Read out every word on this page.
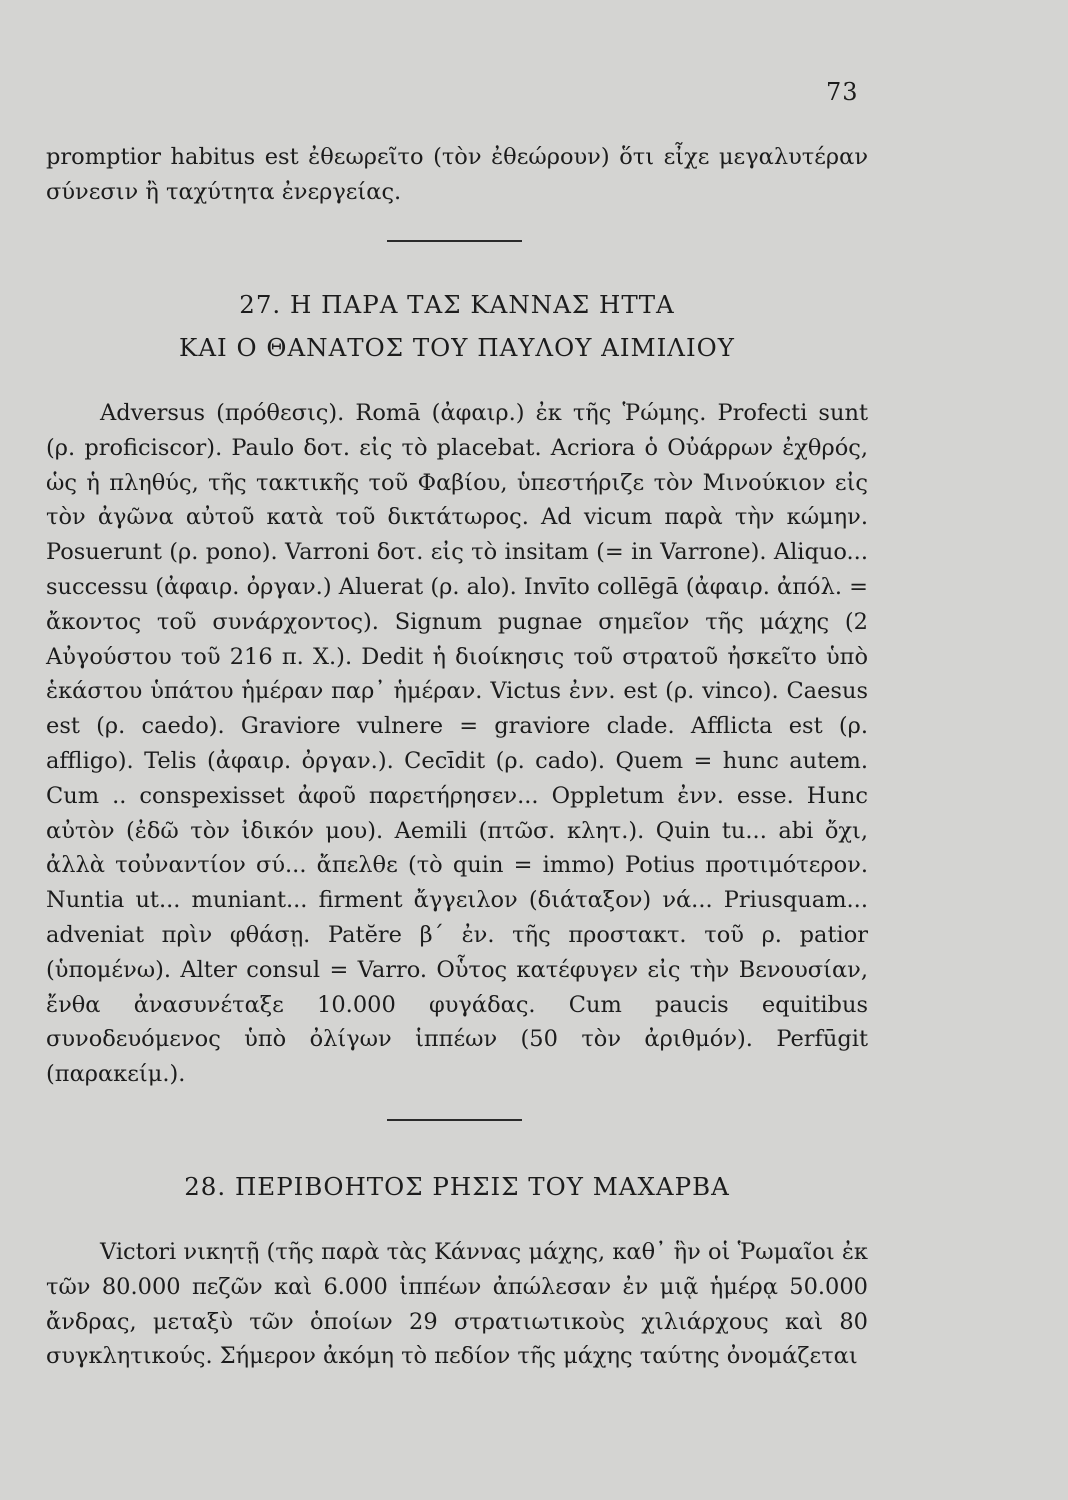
73

promptior habitus est ἐθεωρεῖτο (τὸν ἐθεώρουν) ὅτι εἶχε μεγαλυτέραν σύνεσιν ἢ ταχύτητα ἐνεργείας.

27. Η ΠΑΡΑ ΤΑΣ ΚΑΝΝΑΣ ΗΤΤΑ
ΚΑΙ Ο ΘΑΝΑΤΟΣ ΤΟΥ ΠΑΥΛΟΥ ΑΙΜΙΛΙΟΥ

Adversus (πρόθεσις). Romā (ἀφαιρ.) ἐκ τῆς Ῥώμης. Profecti sunt (ρ. proficiscor). Paulo δοτ. εἰς τὸ placebat. Acriora ὁ Οὐάρρων ἐχθρός, ὡς ἡ πληθύς, τῆς τακτικῆς τοῦ Φαβίου, ὑπεστήριζε τὸν Μινούκιον εἰς τὸν ἀγῶνα αὐτοῦ κατὰ τοῦ δικτάτωρος. Ad vicum παρὰ τὴν κώμην. Posuerunt (ρ. pono). Varroni δοτ. εἰς τὸ insitam (= in Varrone). Aliquo... successu (ἀφαιρ. ὀργαν.) Aluerat (ρ. alo). Invīto collēgā (ἀφαιρ. ἀπόλ. = ἄκοντος τοῦ συνάρχοντος). Signum pugnae σημεῖον τῆς μάχης (2 Αὐγούστου τοῦ 216 π. Χ.). Dedit ἡ διοίκησις τοῦ στρατοῦ ἠσκεῖτο ὑπὸ ἑκάστου ὑπάτου ἡμέραν παρ᾽ ἡμέραν. Victus ἐνν. est (ρ. vinco). Caesus est (ρ. caedo). Graviore vulnere = graviore clade. Afflicta est (ρ. affligo). Telis (ἀφαιρ. ὀργαν.). Cecīdit (ρ. cado). Quem = hunc autem. Cum .. conspexisset ἀφοῦ παρετήρησεν... Oppletum ἐνν. esse. Hunc αὐτὸν (ἐδῶ τὸν ἰδικόν μου). Aemili (πτῶσ. κλητ.). Quin tu... abi ὄχι, ἀλλὰ τοὐναντίον σύ... ἄπελθε (τὸ quin = immo) Potius προτιμότερον. Nuntia ut... muniant... firment ἄγγειλον (διάταξον) νά... Priusquam... adveniat πρὶν φθάσῃ. Patĕre β΄ ἐν. τῆς προστακτ. τοῦ ρ. patior (ὑπομένω). Alter consul = Varro. Οὗτος κατέφυγεν εἰς τὴν Βενουσίαν, ἔνθα ἀνασυνέταξε 10.000 φυγάδας. Cum paucis equitibus συνοδευόμενος ὑπὸ ὀλίγων ἱππέων (50 τὸν ἀριθμόν). Perfūgit (παρακείμ.).

28. ΠΕΡΙΒΟΗΤΟΣ ΡΗΣΙΣ ΤΟΥ ΜΑΧΑΡΒΑ

Victori νικητῇ (τῆς παρὰ τὰς Κάννας μάχης, καθ᾽ ἣν οἱ Ῥωμαῖοι ἐκ τῶν 80.000 πεζῶν καὶ 6.000 ἱππέων ἀπώλεσαν ἐν μιᾷ ἡμέρᾳ 50.000 ἄνδρας, μεταξὺ τῶν ὁποίων 29 στρατιωτικοὺς χιλιάρχους καὶ 80 συγκλητικούς. Σήμερον ἀκόμη τὸ πεδίον τῆς μάχης ταύτης ὀνομάζεται
